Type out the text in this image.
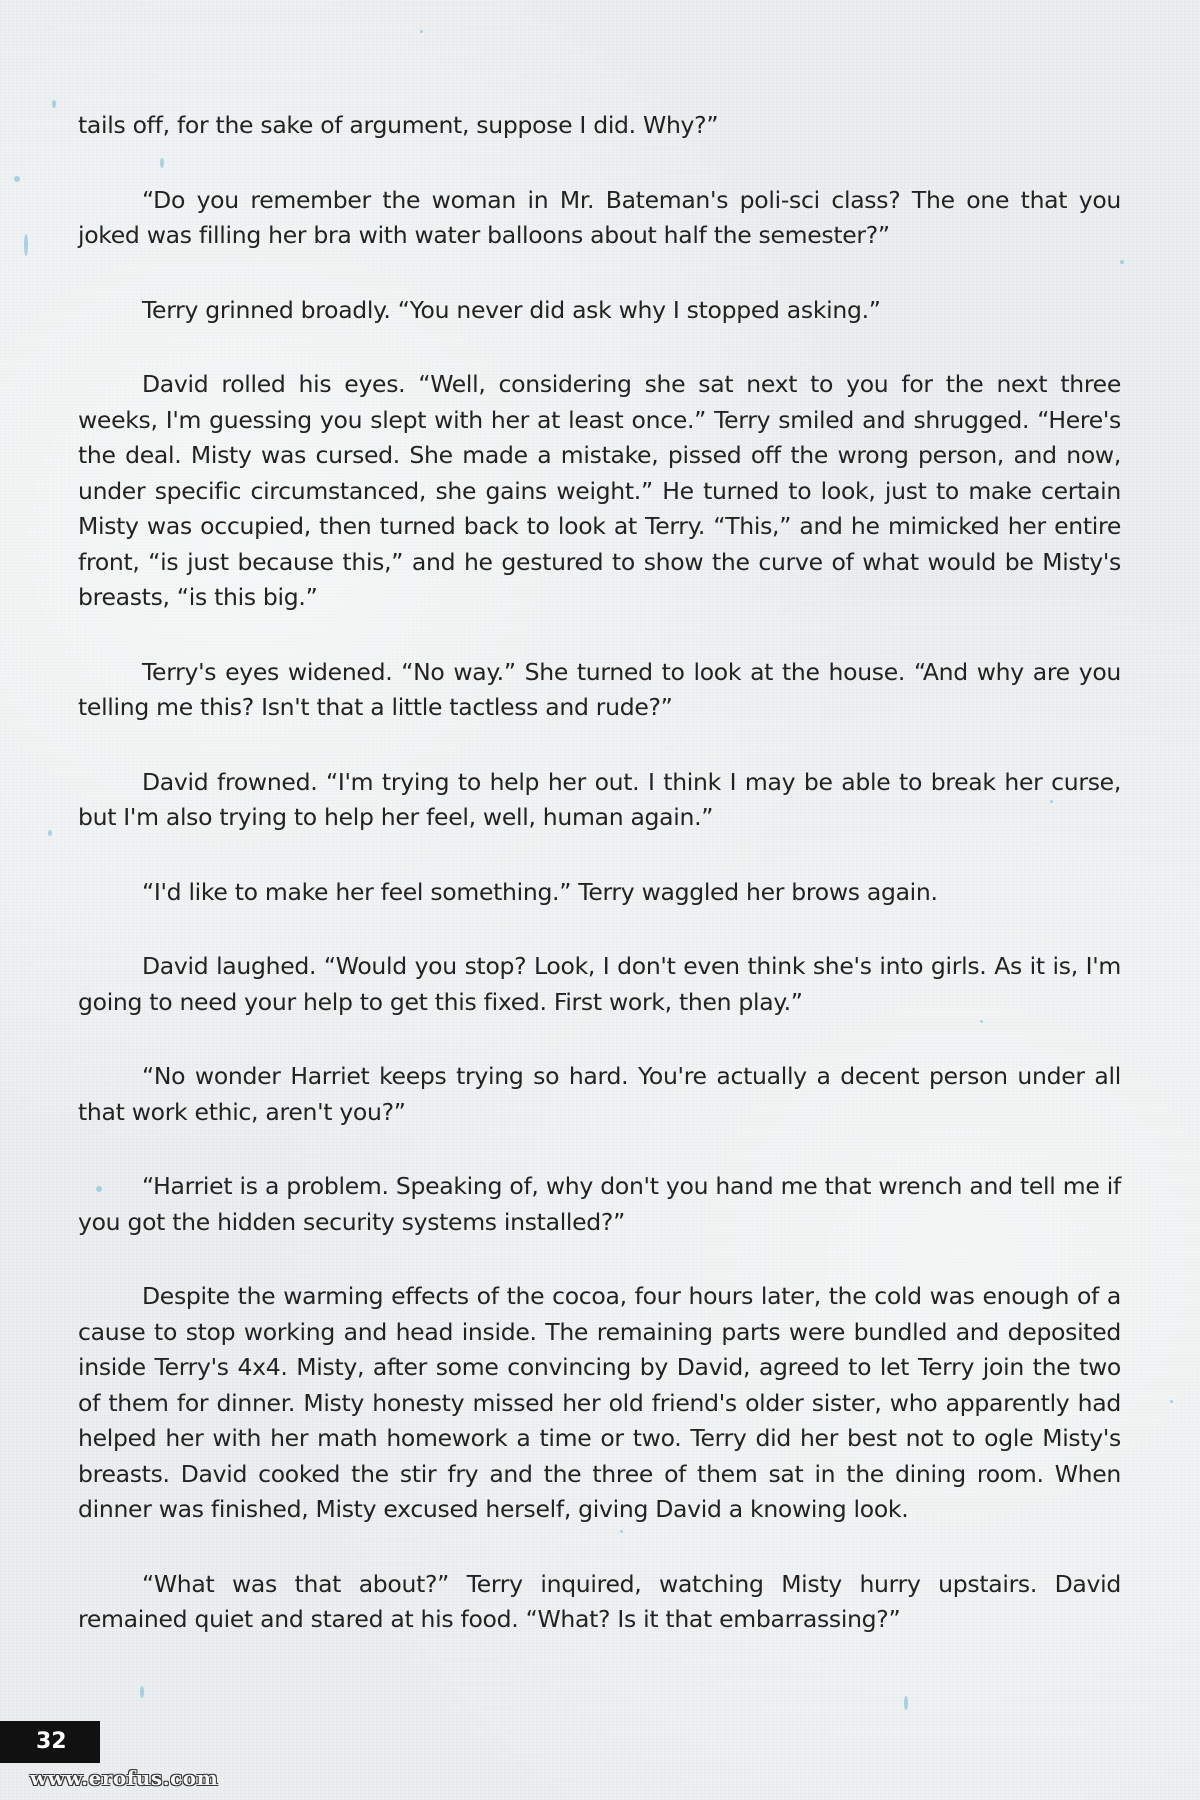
tails off, for the sake of argument, suppose I did. Why?”

“Do you remember the woman in Mr. Bateman's poli-sci class? The one that you joked was filling her bra with water balloons about half the semester?”

Terry grinned broadly. “You never did ask why I stopped asking.”

David rolled his eyes. “Well, considering she sat next to you for the next three weeks, I'm guessing you slept with her at least once.” Terry smiled and shrugged. “Here's the deal. Misty was cursed. She made a mistake, pissed off the wrong person, and now, under specific circumstanced, she gains weight.” He turned to look, just to make certain Misty was occupied, then turned back to look at Terry. “This,” and he mimicked her entire front, “is just because this,” and he gestured to show the curve of what would be Misty's breasts, “is this big.”

Terry's eyes widened. “No way.” She turned to look at the house. “And why are you telling me this? Isn't that a little tactless and rude?”

David frowned. “I'm trying to help her out. I think I may be able to break her curse, but I'm also trying to help her feel, well, human again.”

“I'd like to make her feel something.” Terry waggled her brows again.

David laughed. “Would you stop? Look, I don't even think she's into girls. As it is, I'm going to need your help to get this fixed. First work, then play.”

“No wonder Harriet keeps trying so hard. You're actually a decent person under all that work ethic, aren't you?”

“Harriet is a problem. Speaking of, why don't you hand me that wrench and tell me if you got the hidden security systems installed?”

Despite the warming effects of the cocoa, four hours later, the cold was enough of a cause to stop working and head inside. The remaining parts were bundled and deposited inside Terry's 4x4. Misty, after some convincing by David, agreed to let Terry join the two of them for dinner. Misty honesty missed her old friend's older sister, who apparently had helped her with her math homework a time or two. Terry did her best not to ogle Misty's breasts. David cooked the stir fry and the three of them sat in the dining room. When dinner was finished, Misty excused herself, giving David a knowing look.

“What was that about?” Terry inquired, watching Misty hurry upstairs. David remained quiet and stared at his food. “What? Is it that embarrassing?”

32
www.erofus.com
